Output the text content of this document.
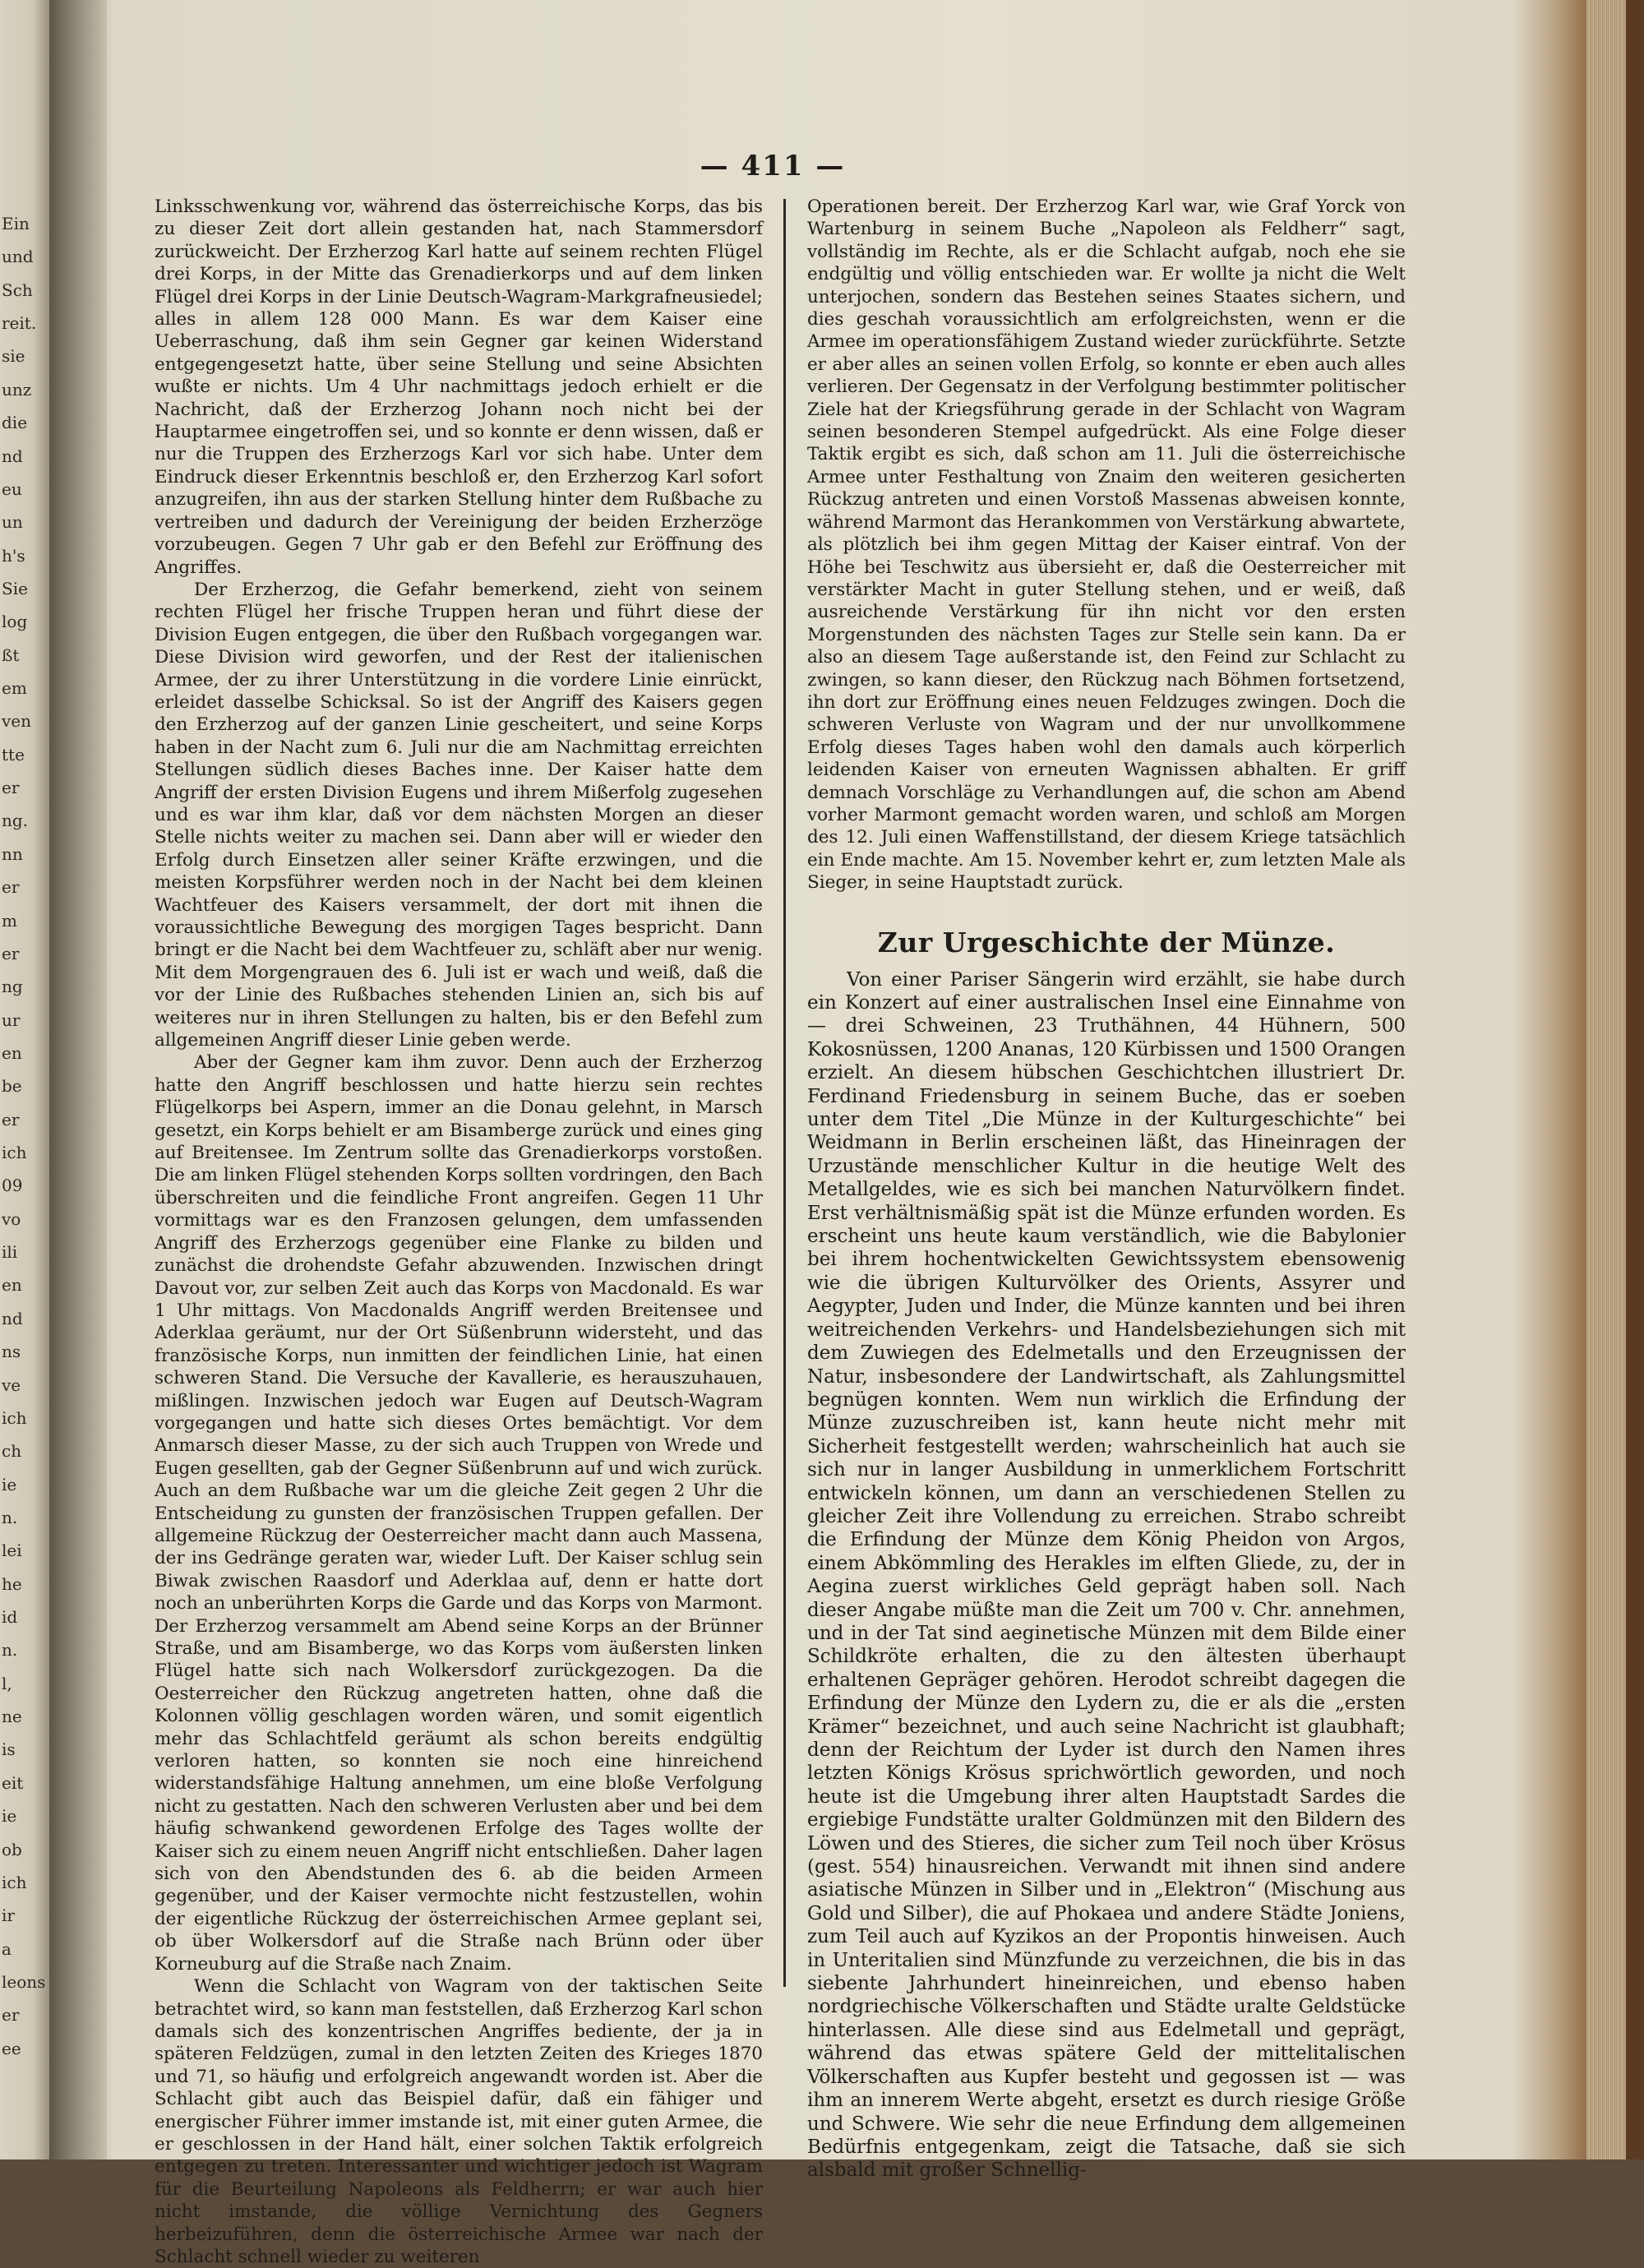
Ein
und
Sch
reit.
sie
unz
die
nd
eu
un
h's
Sie
log
ßt
em
ven
tte
er
ng.
nn
er
m
er
ng
ur
en
be
er
ich
09
vo
ili
en
nd
ns
ve
ich
ch
ie
n.
lei
he
id
n.
l,
ne
is
eit
ie
ob
ich
ir
a
leons
er
ee
— 411 —

Linksschwenkung vor, während das österreichische Korps, das bis zu dieser Zeit dort allein gestanden hat, nach Stammersdorf zurückweicht. Der Erzherzog Karl hatte auf seinem rechten Flügel drei Korps, in der Mitte das Grenadierkorps und auf dem linken Flügel drei Korps in der Linie Deutsch-Wagram-Markgrafneusiedel; alles in allem 128 000 Mann. Es war dem Kaiser eine Ueberraschung, daß ihm sein Gegner gar keinen Widerstand entgegengesetzt hatte, über seine Stellung und seine Absichten wußte er nichts. Um 4 Uhr nachmittags jedoch erhielt er die Nachricht, daß der Erzherzog Johann noch nicht bei der Hauptarmee eingetroffen sei, und so konnte er denn wissen, daß er nur die Truppen des Erzherzogs Karl vor sich habe. Unter dem Eindruck dieser Erkenntnis beschloß er, den Erzherzog Karl sofort anzugreifen, ihn aus der starken Stellung hinter dem Rußbache zu vertreiben und dadurch der Vereinigung der beiden Erzherzöge vorzubeugen. Gegen 7 Uhr gab er den Befehl zur Eröffnung des Angriffes.

Der Erzherzog, die Gefahr bemerkend, zieht von seinem rechten Flügel her frische Truppen heran und führt diese der Division Eugen entgegen, die über den Rußbach vorgegangen war. Diese Division wird geworfen, und der Rest der italienischen Armee, der zu ihrer Unterstützung in die vordere Linie einrückt, erleidet dasselbe Schicksal. So ist der Angriff des Kaisers gegen den Erzherzog auf der ganzen Linie gescheitert, und seine Korps haben in der Nacht zum 6. Juli nur die am Nachmittag erreichten Stellungen südlich dieses Baches inne. Der Kaiser hatte dem Angriff der ersten Division Eugens und ihrem Mißerfolg zugesehen und es war ihm klar, daß vor dem nächsten Morgen an dieser Stelle nichts weiter zu machen sei. Dann aber will er wieder den Erfolg durch Einsetzen aller seiner Kräfte erzwingen, und die meisten Korpsführer werden noch in der Nacht bei dem kleinen Wachtfeuer des Kaisers versammelt, der dort mit ihnen die voraussichtliche Bewegung des morgigen Tages bespricht. Dann bringt er die Nacht bei dem Wachtfeuer zu, schläft aber nur wenig. Mit dem Morgengrauen des 6. Juli ist er wach und weiß, daß die vor der Linie des Rußbaches stehenden Linien an, sich bis auf weiteres nur in ihren Stellungen zu halten, bis er den Befehl zum allgemeinen Angriff dieser Linie geben werde.

Aber der Gegner kam ihm zuvor. Denn auch der Erzherzog hatte den Angriff beschlossen und hatte hierzu sein rechtes Flügelkorps bei Aspern, immer an die Donau gelehnt, in Marsch gesetzt, ein Korps behielt er am Bisamberge zurück und eines ging auf Breitensee. Im Zentrum sollte das Grenadierkorps vorstoßen. Die am linken Flügel stehenden Korps sollten vordringen, den Bach überschreiten und die feindliche Front angreifen. Gegen 11 Uhr vormittags war es den Franzosen gelungen, dem umfassenden Angriff des Erzherzogs gegenüber eine Flanke zu bilden und zunächst die drohendste Gefahr abzuwenden. Inzwischen dringt Davout vor, zur selben Zeit auch das Korps von Macdonald. Es war 1 Uhr mittags. Von Macdonalds Angriff werden Breitensee und Aderklaa geräumt, nur der Ort Süßenbrunn widersteht, und das französische Korps, nun inmitten der feindlichen Linie, hat einen schweren Stand. Die Versuche der Kavallerie, es herauszuhauen, mißlingen. Inzwischen jedoch war Eugen auf Deutsch-Wagram vorgegangen und hatte sich dieses Ortes bemächtigt. Vor dem Anmarsch dieser Masse, zu der sich auch Truppen von Wrede und Eugen gesellten, gab der Gegner Süßenbrunn auf und wich zurück. Auch an dem Rußbache war um die gleiche Zeit gegen 2 Uhr die Entscheidung zu gunsten der französischen Truppen gefallen. Der allgemeine Rückzug der Oesterreicher macht dann auch Massena, der ins Gedränge geraten war, wieder Luft. Der Kaiser schlug sein Biwak zwischen Raasdorf und Aderklaa auf, denn er hatte dort noch an unberührten Korps die Garde und das Korps von Marmont. Der Erzherzog versammelt am Abend seine Korps an der Brünner Straße, und am Bisamberge, wo das Korps vom äußersten linken Flügel hatte sich nach Wolkersdorf zurückgezogen. Da die Oesterreicher den Rückzug angetreten hatten, ohne daß die Kolonnen völlig geschlagen worden wären, und somit eigentlich mehr das Schlachtfeld geräumt als schon bereits endgültig verloren hatten, so konnten sie noch eine hinreichend widerstandsfähige Haltung annehmen, um eine bloße Verfolgung nicht zu gestatten. Nach den schweren Verlusten aber und bei dem häufig schwankend gewordenen Erfolge des Tages wollte der Kaiser sich zu einem neuen Angriff nicht entschließen. Daher lagen sich von den Abendstunden des 6. ab die beiden Armeen gegenüber, und der Kaiser vermochte nicht festzustellen, wohin der eigentliche Rückzug der österreichischen Armee geplant sei, ob über Wolkersdorf auf die Straße nach Brünn oder über Korneuburg auf die Straße nach Znaim.

Wenn die Schlacht von Wagram von der taktischen Seite betrachtet wird, so kann man feststellen, daß Erzherzog Karl schon damals sich des konzentrischen Angriffes bediente, der ja in späteren Feldzügen, zumal in den letzten Zeiten des Krieges 1870 und 71, so häufig und erfolgreich angewandt worden ist. Aber die Schlacht gibt auch das Beispiel dafür, daß ein fähiger und energischer Führer immer imstande ist, mit einer guten Armee, die er geschlossen in der Hand hält, einer solchen Taktik erfolgreich entgegen zu treten. Interessanter und wichtiger jedoch ist Wagram für die Beurteilung Napoleons als Feldherrn; er war auch hier nicht imstande, die völlige Vernichtung des Gegners herbeizuführen, denn die österreichische Armee war nach der Schlacht schnell wieder zu weiteren

Operationen bereit. Der Erzherzog Karl war, wie Graf Yorck von Wartenburg in seinem Buche „Napoleon als Feldherr“ sagt, vollständig im Rechte, als er die Schlacht aufgab, noch ehe sie endgültig und völlig entschieden war. Er wollte ja nicht die Welt unterjochen, sondern das Bestehen seines Staates sichern, und dies geschah voraussichtlich am erfolgreichsten, wenn er die Armee im operationsfähigem Zustand wieder zurückführte. Setzte er aber alles an seinen vollen Erfolg, so konnte er eben auch alles verlieren. Der Gegensatz in der Verfolgung bestimmter politischer Ziele hat der Kriegsführung gerade in der Schlacht von Wagram seinen besonderen Stempel aufgedrückt. Als eine Folge dieser Taktik ergibt es sich, daß schon am 11. Juli die österreichische Armee unter Festhaltung von Znaim den weiteren gesicherten Rückzug antreten und einen Vorstoß Massenas abweisen konnte, während Marmont das Herankommen von Verstärkung abwartete, als plötzlich bei ihm gegen Mittag der Kaiser eintraf. Von der Höhe bei Teschwitz aus übersieht er, daß die Oesterreicher mit verstärkter Macht in guter Stellung stehen, und er weiß, daß ausreichende Verstärkung für ihn nicht vor den ersten Morgenstunden des nächsten Tages zur Stelle sein kann. Da er also an diesem Tage außerstande ist, den Feind zur Schlacht zu zwingen, so kann dieser, den Rückzug nach Böhmen fortsetzend, ihn dort zur Eröffnung eines neuen Feldzuges zwingen. Doch die schweren Verluste von Wagram und der nur unvollkommene Erfolg dieses Tages haben wohl den damals auch körperlich leidenden Kaiser von erneuten Wagnissen abhalten. Er griff demnach Vorschläge zu Verhandlungen auf, die schon am Abend vorher Marmont gemacht worden waren, und schloß am Morgen des 12. Juli einen Waffenstillstand, der diesem Kriege tatsächlich ein Ende machte. Am 15. November kehrt er, zum letzten Male als Sieger, in seine Hauptstadt zurück.

Zur Urgeschichte der Münze.

Von einer Pariser Sängerin wird erzählt, sie habe durch ein Konzert auf einer australischen Insel eine Einnahme von — drei Schweinen, 23 Truthähnen, 44 Hühnern, 500 Kokosnüssen, 1200 Ananas, 120 Kürbissen und 1500 Orangen erzielt. An diesem hübschen Geschichtchen illustriert Dr. Ferdinand Friedensburg in seinem Buche, das er soeben unter dem Titel „Die Münze in der Kulturgeschichte“ bei Weidmann in Berlin erscheinen läßt, das Hineinragen der Urzustände menschlicher Kultur in die heutige Welt des Metallgeldes, wie es sich bei manchen Naturvölkern findet. Erst verhältnismäßig spät ist die Münze erfunden worden. Es erscheint uns heute kaum verständlich, wie die Babylonier bei ihrem hochentwickelten Gewichtssystem ebensowenig wie die übrigen Kulturvölker des Orients, Assyrer und Aegypter, Juden und Inder, die Münze kannten und bei ihren weitreichenden Verkehrs- und Handelsbeziehungen sich mit dem Zuwiegen des Edelmetalls und den Erzeugnissen der Natur, insbesondere der Landwirtschaft, als Zahlungsmittel begnügen konnten. Wem nun wirklich die Erfindung der Münze zuzuschreiben ist, kann heute nicht mehr mit Sicherheit festgestellt werden; wahrscheinlich hat auch sie sich nur in langer Ausbildung in unmerklichem Fortschritt entwickeln können, um dann an verschiedenen Stellen zu gleicher Zeit ihre Vollendung zu erreichen. Strabo schreibt die Erfindung der Münze dem König Pheidon von Argos, einem Abkömmling des Herakles im elften Gliede, zu, der in Aegina zuerst wirkliches Geld geprägt haben soll. Nach dieser Angabe müßte man die Zeit um 700 v. Chr. annehmen, und in der Tat sind aeginetische Münzen mit dem Bilde einer Schildkröte erhalten, die zu den ältesten überhaupt erhaltenen Gepräger gehören. Herodot schreibt dagegen die Erfindung der Münze den Lydern zu, die er als die „ersten Krämer“ bezeichnet, und auch seine Nachricht ist glaubhaft; denn der Reichtum der Lyder ist durch den Namen ihres letzten Königs Krösus sprichwörtlich geworden, und noch heute ist die Umgebung ihrer alten Hauptstadt Sardes die ergiebige Fundstätte uralter Goldmünzen mit den Bildern des Löwen und des Stieres, die sicher zum Teil noch über Krösus (gest. 554) hinausreichen. Verwandt mit ihnen sind andere asiatische Münzen in Silber und in „Elektron“ (Mischung aus Gold und Silber), die auf Phokaea und andere Städte Joniens, zum Teil auch auf Kyzikos an der Propontis hinweisen. Auch in Unteritalien sind Münzfunde zu verzeichnen, die bis in das siebente Jahrhundert hineinreichen, und ebenso haben nordgriechische Völkerschaften und Städte uralte Geldstücke hinterlassen. Alle diese sind aus Edelmetall und geprägt, während das etwas spätere Geld der mittelitalischen Völkerschaften aus Kupfer besteht und gegossen ist — was ihm an innerem Werte abgeht, ersetzt es durch riesige Größe und Schwere. Wie sehr die neue Erfindung dem allgemeinen Bedürfnis entgegenkam, zeigt die Tatsache, daß sie sich alsbald mit großer Schnellig-
